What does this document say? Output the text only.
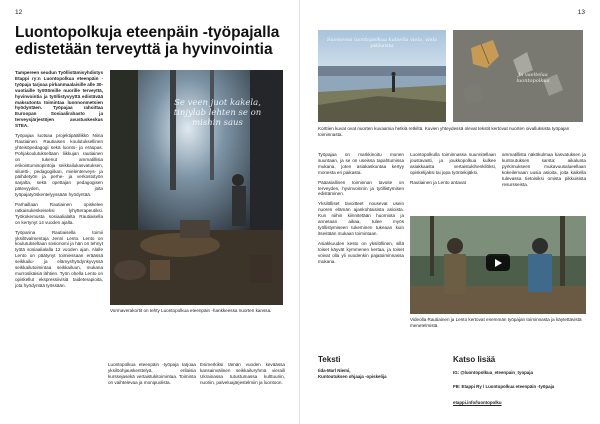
12
Luontopolkuja eteenpäin -työpajalla
edistetään terveyttä ja hyvinvointia

Tampereen seudun Työllistämisyhdistys Etappi ry:n Luontopolkua eteenpäin -työpaja tarjoaa pirkanmaalaisille alle 30-vuotiaille työttömille nuorille terveyttä, hyvinvointia ja työllistyvyyttä edistävää maksutonta toimintaa luonnonmetsien hyödyntäen. Työpajaa rahoittaa Euroopan Sosiaalirahasto ja terveysjärjestöjen avustuskeskus STEA.

Työpajaa luotsaa projektipäällikkö Niina Rautiainen. Rautiaisen koulutuksellinen yhteisöpedagogi sekä luonto- ja eräopas. Pohjakoulutukseltaan liikkujan rautiainen on tukenut ammatillisia erikoistumisopintoja seikkailukasvatuksen, siluetti-, pedagogiikan, mielenterveys- ja päihdetyön ja perhe- ja verkostotyön sarjalta, sekä opettajan pedagogisen pätevyyden, joita työpajatyöskentelyyssään hyödyntää.

Parhaillaan Rautiainen opiskelee ratkaisukeskeiseksi lyhytterapeutiksi. Työkokemusta sosiaalialalta Rautiaisella on kertynyt 14 vuoden ajalta.

Työparina Rautiaisella toimii yksilövalmentaja Jenni Lento. Lento on koulutukseltaan sosionomi ja hän on tehnyt työtä sosiaalialalla 12 vuoden ajan. Alalle Lento on päätynyt toimiessaan eräässä seikkailu- ja elämyshyödynkyvyssä seikkailutoimintaa seikkailuun, mukana murrosikäisiä lähtien. Työn ohella Lento on opiskellut ekspressiivisiä taideterapioita, jota hyödyntää työssään.

Se veen juot kakela, tinjylab lehten se on mishin saus
Vormaverakortit on tehty Luontopolkua eteenpäin -hankkeessa nuorten kanssa.
Luontopolkua eteenpäin -työpaja tarjoaa yksilöohjauskenttelyä, erilaisia kurssejasekä vertaistukitoimintaa. Toiminta on vaihtelevaa ja monipuolista.
Esimerkiksi tämän vuoden keväässa kansainvälinen seikkailuryhmä vieraili Ukrainassa tutustumassa kulttuuriin, nuoriin, palveluajärjestelmiin ja luontoon.
13
Suomessa luontopolkua katsella viela, viela pikkuista
Ja vaeltelaa luontopolkua
Korttien kuvat ovat nuorten kuvaamia hetkiä retkiltä. Kuvien yhteydessä olevat tekstit kertovat nuorten oivalluksista työpajan toiminnasta.

Työpajaa on markkinoitu monen suuntaan, ja se on useissa tapahtumissa mukana, joten asiakaskuntaa kertyy monesta eri paikasta.

Pääasiallinen toiminnan tavoite on terveyden, hyvinvoinnin ja työllistymisen edistäminen.

Yksilölliset tavoitteet nousevat usein nuoren elämän ajankohtaisista asioista. Kun niihin kiinnitetään huomiota ja annetaan aikaa, tulee myös työllistymiseen tukeminen tukeaan kuin itsestään mukaan toimintaan.

Asiakkuuden kesto on yksilöllinen, sillä toiset käyvät kymmenen kertaa, ja toiset voivat olla yli vuodenkin pajatoiminnassa mukana.

Luontopolkulla toiminnassa suunnitellaan joustavasti, ja joukkopolkua kulkee asiakkaasta vertaistukihenkilöksi, opiskelijaksi tai jopa työntekijäksi.

Rautiainen ja Lento antavat

ammatillista näkökulmaa kasvatuksen ja kuntoutuksen sarsta; aikalunta pyrkimukseen mukavuusalueellaan kokeilemaan uusia asioita, joita kaikella tulevassa tietoisiksi omista pikkuisista resursseista.
Videolla Rautiainen ja Lento kertovat enemmän työpajan toiminnasta ja käytettävistä menetelmistä.
Teksti
Iida-Marl Niemi,
Kuntoutuksen ohjaaja -opiskelija
Katso lisää
IG: @luontopolkua_eteenpain_tyopaja
FB: Etappi Ry / Luontopolkua eteenpäin -työpaja
etappi.info/luontopolku
